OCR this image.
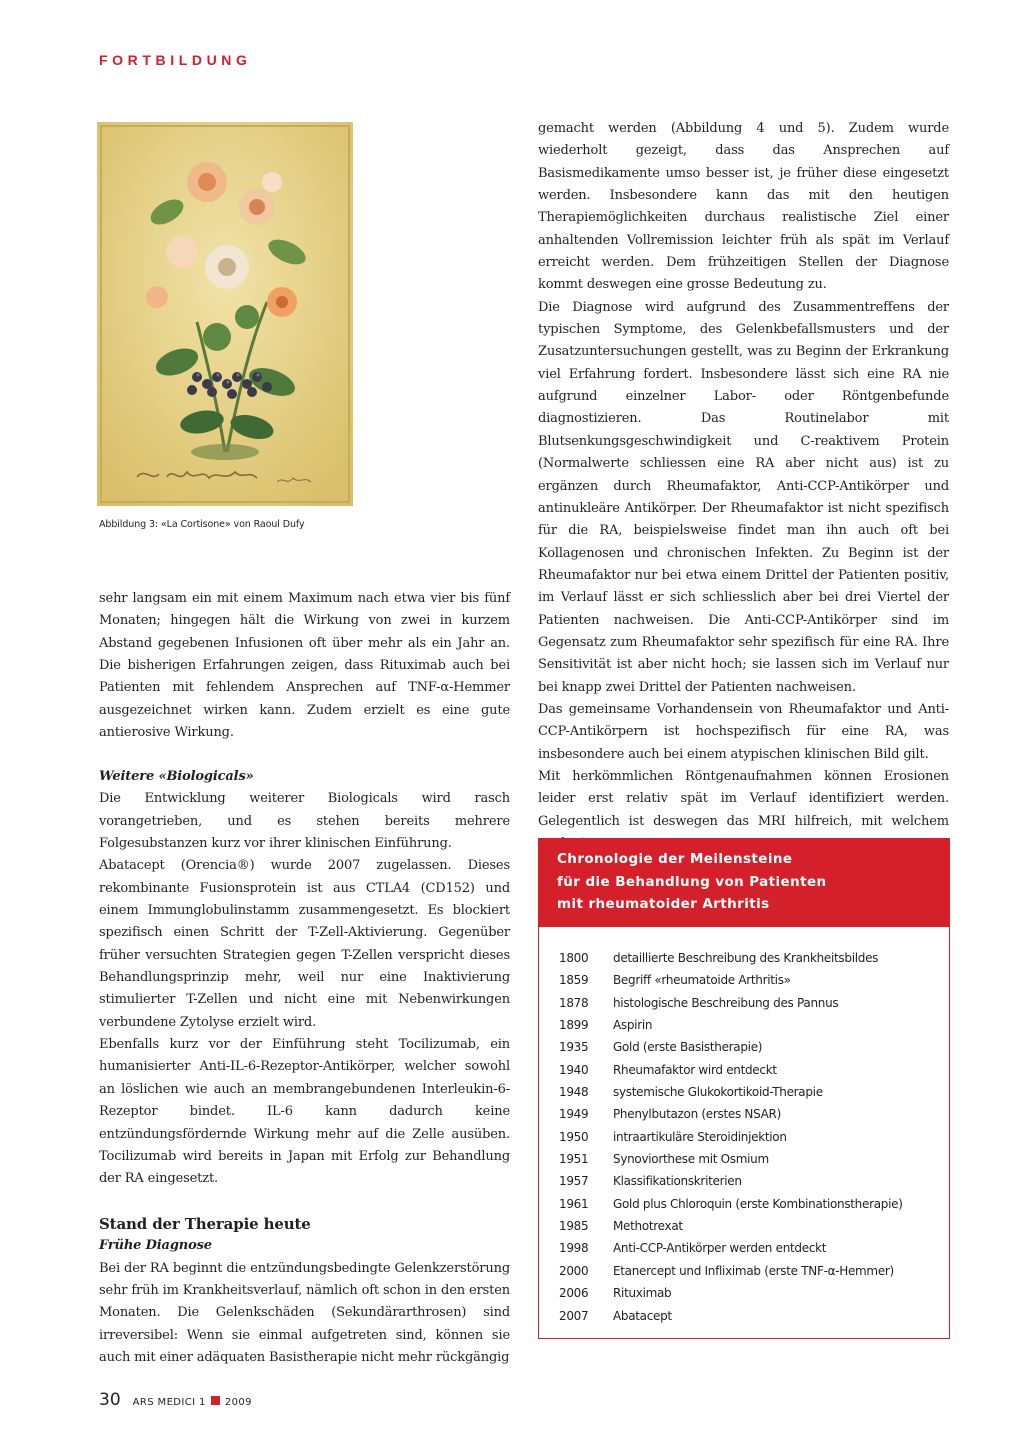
FORTBILDUNG
Abbildung 3: «La Cortisone» von Raoul Dufy

sehr langsam ein mit einem Maximum nach etwa vier bis fünf Monaten; hingegen hält die Wirkung von zwei in kurzem Abstand gegebenen Infusionen oft über mehr als ein Jahr an. Die bisherigen Erfahrungen zeigen, dass Rituximab auch bei Patienten mit fehlendem Ansprechen auf TNF-α-Hemmer ausgezeichnet wirken kann. Zudem erzielt es eine gute antierosive Wirkung.

Weitere «Biologicals»

Die Entwicklung weiterer Biologicals wird rasch vorangetrieben, und es stehen bereits mehrere Folgesubstanzen kurz vor ihrer klinischen Einführung.

Abatacept (Orencia®) wurde 2007 zugelassen. Dieses rekombinante Fusionsprotein ist aus CTLA4 (CD152) und einem Immunglobulinstamm zusammengesetzt. Es blockiert spezifisch einen Schritt der T-Zell-Aktivierung. Gegenüber früher versuchten Strategien gegen T-Zellen verspricht dieses Behandlungsprinzip mehr, weil nur eine Inaktivierung stimulierter T-Zellen und nicht eine mit Nebenwirkungen verbundene Zytolyse erzielt wird.

Ebenfalls kurz vor der Einführung steht Tocilizumab, ein humanisierter Anti-IL-6-Rezeptor-Antikörper, welcher sowohl an löslichen wie auch an membrangebundenen Interleukin-6-Rezeptor bindet. IL-6 kann dadurch keine entzündungsfördernde Wirkung mehr auf die Zelle ausüben. Tocilizumab wird bereits in Japan mit Erfolg zur Behandlung der RA eingesetzt.

Stand der Therapie heute

Frühe Diagnose

Bei der RA beginnt die entzündungsbedingte Gelenkzerstörung sehr früh im Krankheitsverlauf, nämlich oft schon in den ersten Monaten. Die Gelenkschäden (Sekundärarthrosen) sind irreversibel: Wenn sie einmal aufgetreten sind, können sie auch mit einer adäquaten Basistherapie nicht mehr rückgängig

gemacht werden (Abbildung 4 und 5). Zudem wurde wiederholt gezeigt, dass das Ansprechen auf Basismedikamente umso besser ist, je früher diese eingesetzt werden. Insbesondere kann das mit den heutigen Therapiemöglichkeiten durchaus realistische Ziel einer anhaltenden Vollremission leichter früh als spät im Verlauf erreicht werden. Dem frühzeitigen Stellen der Diagnose kommt deswegen eine grosse Bedeutung zu.

Die Diagnose wird aufgrund des Zusammentreffens der typischen Symptome, des Gelenkbefallsmusters und der Zusatzuntersuchungen gestellt, was zu Beginn der Erkrankung viel Erfahrung fordert. Insbesondere lässt sich eine RA nie aufgrund einzelner Labor- oder Röntgenbefunde diagnostizieren. Das Routinelabor mit Blutsenkungsgeschwindigkeit und C-reaktivem Protein (Normalwerte schliessen eine RA aber nicht aus) ist zu ergänzen durch Rheumafaktor, Anti-CCP-Antikörper und antinukleäre Antikörper. Der Rheumafaktor ist nicht spezifisch für die RA, beispielsweise findet man ihn auch oft bei Kollagenosen und chronischen Infekten. Zu Beginn ist der Rheumafaktor nur bei etwa einem Drittel der Patienten positiv, im Verlauf lässt er sich schliesslich aber bei drei Viertel der Patienten nachweisen. Die Anti-CCP-Antikörper sind im Gegensatz zum Rheumafaktor sehr spezifisch für eine RA. Ihre Sensitivität ist aber nicht hoch; sie lassen sich im Verlauf nur bei knapp zwei Drittel der Patienten nachweisen.

Das gemeinsame Vorhandensein von Rheumafaktor und Anti-CCP-Antikörpern ist hochspezifisch für eine RA, was insbesondere auch bei einem atypischen klinischen Bild gilt.

Mit herkömmlichen Röntgenaufnahmen können Erosionen leider erst relativ spät im Verlauf identifiziert werden. Gelegentlich ist deswegen das MRI hilfreich, mit welchem

Chronologie der Meilensteine
für die Behandlung von Patienten
mit rheumatoider Arthritis
1800	detaillierte Beschreibung des Krankheitsbildes
1859	Begriff «rheumatoide Arthritis»
1878	histologische Beschreibung des Pannus
1899	Aspirin
1935	Gold (erste Basistherapie)
1940	Rheumafaktor wird entdeckt
1948	systemische Glukokortikoid-Therapie
1949	Phenylbutazon (erstes NSAR)
1950	intraartikuläre Steroidinjektion
1951	Synoviorthese mit Osmium
1957	Klassifikationskriterien
1961	Gold plus Chloroquin (erste Kombinationstherapie)
1985	Methotrexat
1998	Anti-CCP-Antikörper werden entdeckt
2000	Etanercept und Infliximab (erste TNF-α-Hemmer)
2006	Rituximab
2007	Abatacept
30 ARS MEDICI 1 2009
